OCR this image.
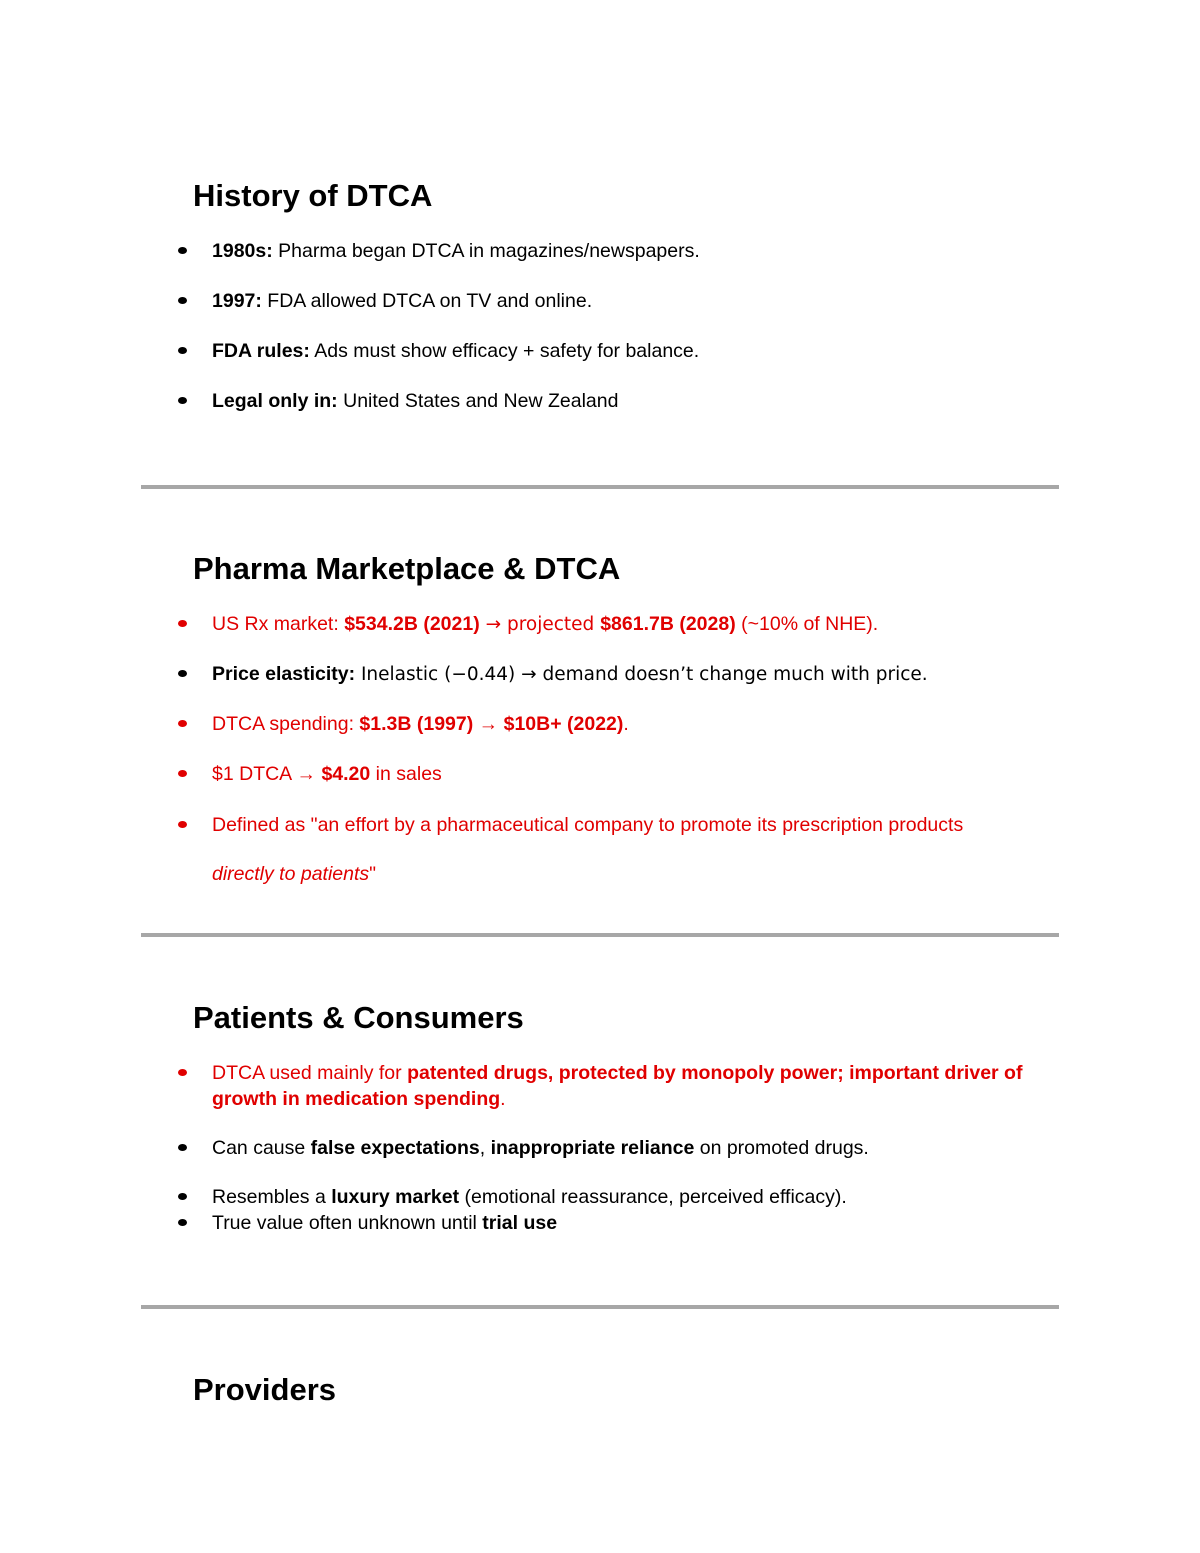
History of DTCA
1980s: Pharma began DTCA in magazines/newspapers.
1997: FDA allowed DTCA on TV and online.
FDA rules: Ads must show efficacy + safety for balance.
Legal only in: United States and New Zealand
Pharma Marketplace & DTCA
US Rx market: $534.2B (2021) → projected $861.7B (2028) (~10% of NHE).
Price elasticity: Inelastic (−0.44) → demand doesn’t change much with price.
DTCA spending: $1.3B (1997) → $10B+ (2022).
$1 DTCA → $4.20 in sales
Defined as "an effort by a pharmaceutical company to promote its prescription products
directly to patients"
Patients & Consumers
DTCA used mainly for patented drugs, protected by monopoly power; important driver of growth in medication spending.
Can cause false expectations, inappropriate reliance on promoted drugs.
Resembles a luxury market (emotional reassurance, perceived efficacy).
True value often unknown until trial use
Providers
